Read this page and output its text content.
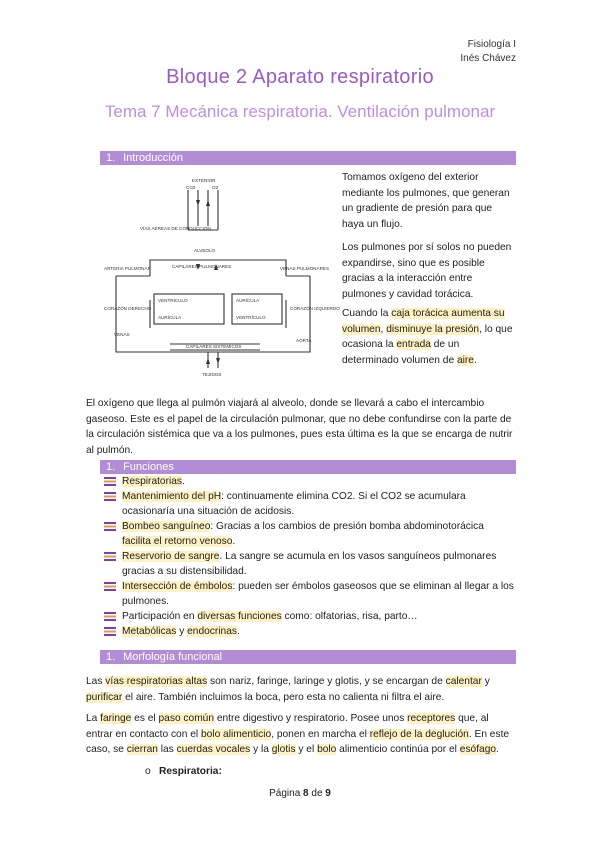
Fisiología I
Inés Chávez
Bloque 2 Aparato respiratorio
Tema 7 Mecánica respiratoria. Ventilación pulmonar
1. Introducción
EXTERIOR
CO2	O2
VÍAS AÉREAS DE CONDUCCIÓN
ALVEOLO
CAPILARES PULMONARES
ARTERIA PULMONAR	VENAS PULMONARES
CORAZÓN DERECHO	CORAZÓN IZQUIERDO
VENTRÍCULO	AURÍCULA
AURÍCULA	VENTRÍCULO
VENAS
AORTA
CAPILARES SISTÉMICOS
TEJIDOS
Tomamos oxígeno del exterior mediante los pulmones, que generan un gradiente de presión para que haya un flujo.
Los pulmones por sí solos no pueden expandirse, sino que es posible gracias a la interacción entre pulmones y cavidad torácica.
Cuando la caja torácica aumenta su volumen, disminuye la presión, lo que ocasiona la entrada de un determinado volumen de aire.
El oxígeno que llega al pulmón viajará al alveolo, donde se llevará a cabo el intercambio gaseoso. Este es el papel de la circulación pulmonar, que no debe confundirse con la parte de la circulación sistémica que va a los pulmones, pues esta última es la que se encarga de nutrir al pulmón.
1. Funciones
Respiratorias.
Mantenimiento del pH: continuamente elimina CO2. Si el CO2 se acumulara ocasionaría una situación de acidosis.
Bombeo sanguíneo: Gracias a los cambios de presión bomba abdominotorácica facilita el retorno venoso.
Reservorio de sangre. La sangre se acumula en los vasos sanguíneos pulmonares gracias a su distensibilidad.
Intersección de émbolos: pueden ser émbolos gaseosos que se eliminan al llegar a los pulmones.
Participación en diversas funciones como: olfatorias, risa, parto…
Metabólicas y endocrinas.
1. Morfología funcional
Las vías respiratorias altas son nariz, faringe, laringe y glotis, y se encargan de calentar y purificar el aire. También incluimos la boca, pero esta no calienta ni filtra el aire.
La faringe es el paso común entre digestivo y respiratorio. Posee unos receptores que, al entrar en contacto con el bolo alimenticio, ponen en marcha el reflejo de la deglución. En este caso, se cierran las cuerdas vocales y la glotis y el bolo alimenticio continúa por el esófago.
o Respiratoria:
Página 8 de 9
